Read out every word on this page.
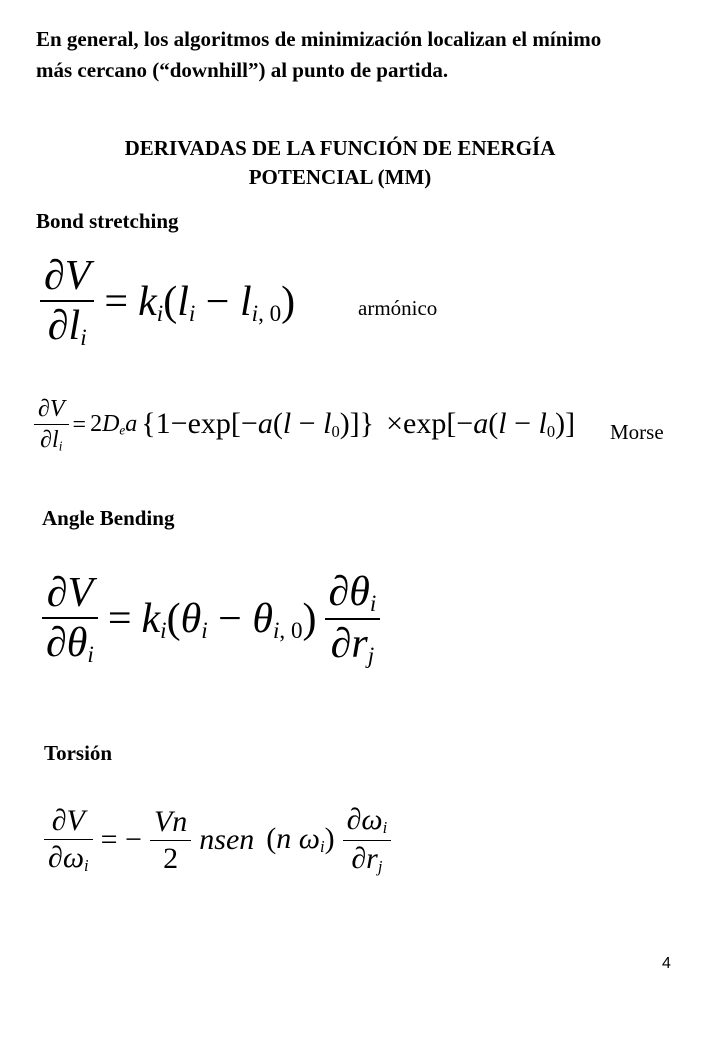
En general, los algoritmos de minimización localizan el mínimo
más cercano (“downhill”) al punto de partida.
DERIVADAS DE LA FUNCIÓN DE ENERGÍA
POTENCIAL (MM)
Bond stretching
$\frac{\partial V}{\partial l_i} = k_i(l_i - l_{i, 0})$	armónico
$\frac{\partial V}{\partial l_i} = 2D_ea$ $\{1-\exp[-a(l - l_0)]\} \times\exp[-a(l - l_0)]$ Morse
Angle Bending
$\frac{\partial V}{\partial\theta_i} = k_i(\theta_i - \theta_{i, 0}) \frac{\partial\theta_i}{\partial r_j}$
Torsión
$\frac{\partial V}{\partial\omega_i}$ = − $\frac{Vn}{2}$ nsen (n $\omega_i) \frac{\partial\omega_i}{\partial r_j}$
4
